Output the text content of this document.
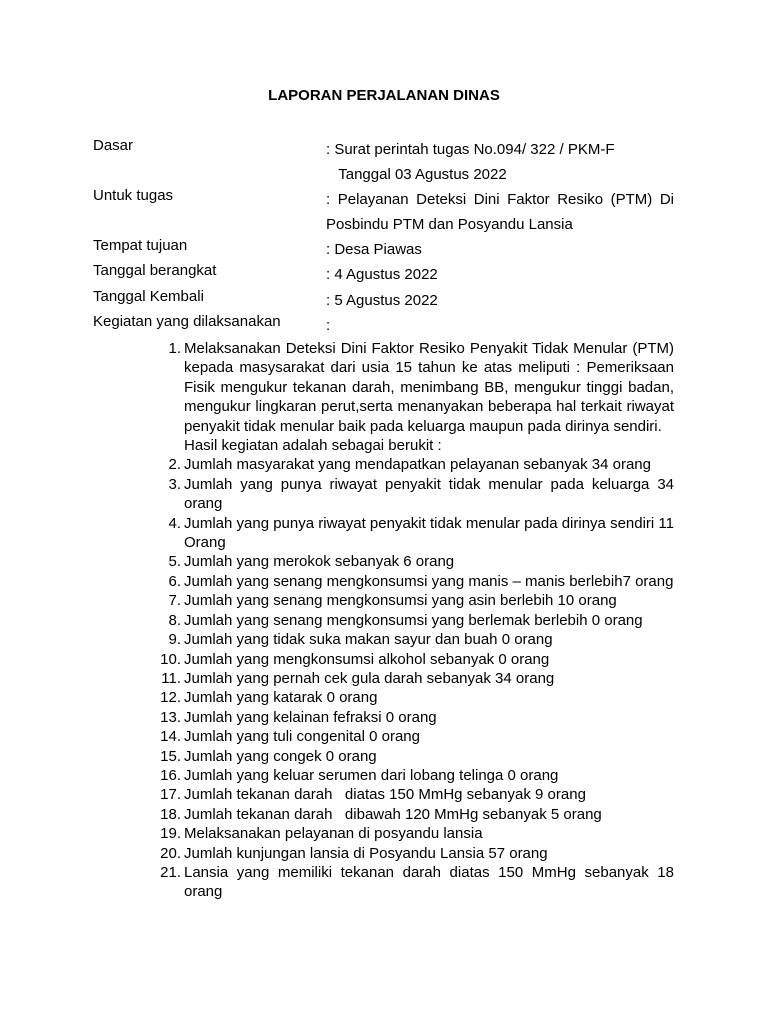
LAPORAN PERJALANAN DINAS
Dasar	: Surat perintah tugas No.094/ 322 / PKM-F
Tanggal 03 Agustus 2022
Untuk tugas	: Pelayanan Deteksi Dini Faktor Resiko (PTM) Di
Posbindu PTM dan Posyandu Lansia
Tempat tujuan	: Desa Piawas
Tanggal berangkat	: 4 Agustus 2022
Tanggal Kembali	: 5 Agustus 2022
Kegiatan yang dilaksanakan	:
1. Melaksanakan Deteksi Dini Faktor Resiko Penyakit Tidak Menular (PTM) kepada masysarakat dari usia 15 tahun ke atas meliputi : Pemeriksaan Fisik mengukur tekanan darah, menimbang BB, mengukur tinggi badan, mengukur lingkaran perut,serta menanyakan beberapa hal terkait riwayat penyakit tidak menular baik pada keluarga maupun pada dirinya sendiri.
Hasil kegiatan adalah sebagai berukit :
2. Jumlah masyarakat yang mendapatkan pelayanan sebanyak 34 orang
3. Jumlah yang punya riwayat penyakit tidak menular pada keluarga 34 orang
4. Jumlah yang punya riwayat penyakit tidak menular pada dirinya sendiri 11 Orang
5. Jumlah yang merokok sebanyak 6 orang
6. Jumlah yang senang mengkonsumsi yang manis – manis berlebih7 orang
7. Jumlah yang senang mengkonsumsi yang asin berlebih 10 orang
8. Jumlah yang senang mengkonsumsi yang berlemak berlebih 0 orang
9. Jumlah yang tidak suka makan sayur dan buah 0 orang
10. Jumlah yang mengkonsumsi alkohol sebanyak 0 orang
11. Jumlah yang pernah cek gula darah sebanyak 34 orang
12. Jumlah yang katarak 0 orang
13. Jumlah yang kelainan fefraksi 0 orang
14. Jumlah yang tuli congenital 0 orang
15. Jumlah yang congek 0 orang
16. Jumlah yang keluar serumen dari lobang telinga 0 orang
17. Jumlah tekanan darah   diatas 150 MmHg sebanyak 9 orang
18. Jumlah tekanan darah   dibawah 120 MmHg sebanyak 5 orang
19. Melaksanakan pelayanan di posyandu lansia
20. Jumlah kunjungan lansia di Posyandu Lansia 57 orang
21. Lansia yang memiliki tekanan darah diatas 150 MmHg sebanyak 18 orang
